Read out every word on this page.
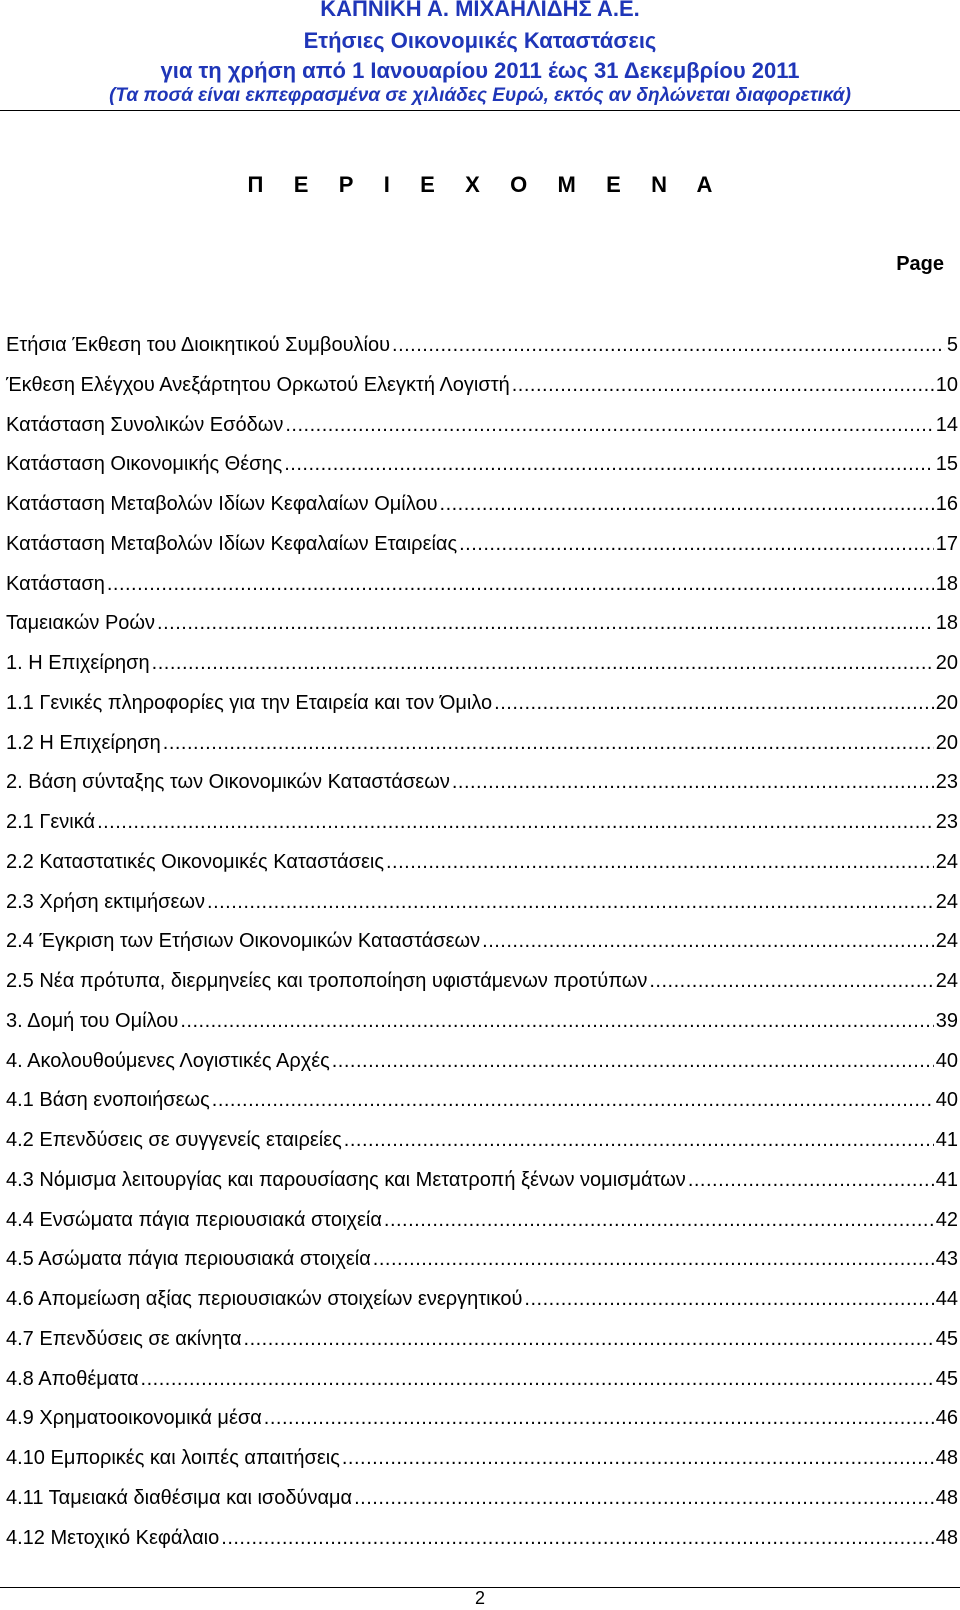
ΚΑΠΝΙΚΗ Α. ΜΙΧΑΗΛΙΔΗΣ Α.Ε.
Ετήσιες Οικονομικές Καταστάσεις
για τη χρήση από 1 Ιανουαρίου 2011 έως 31 Δεκεμβρίου 2011
(Τα ποσά είναι εκπεφρασμένα σε χιλιάδες Ευρώ, εκτός αν δηλώνεται διαφορετικά)
Π Ε Ρ Ι Ε Χ Ο Μ Ε Ν Α
Page
Ετήσια Έκθεση του Διοικητικού Συμβουλίου .....	5
Έκθεση Ελέγχου Ανεξάρτητου Ορκωτού Ελεγκτή Λογιστή .....	10
Κατάσταση Συνολικών Εσόδων .....	14
Κατάσταση Οικονομικής Θέσης .....	15
Κατάσταση Μεταβολών Ιδίων Κεφαλαίων Ομίλου .....	16
Κατάσταση Μεταβολών Ιδίων Κεφαλαίων Εταιρείας .....	17
Κατάσταση .....	18
Ταμειακών Ροών .....	18
1. Η Επιχείρηση .....	20
1.1 Γενικές πληροφορίες για την Εταιρεία και τον Όμιλο .....	20
1.2 Η Επιχείρηση .....	20
2. Βάση σύνταξης των Οικονομικών Καταστάσεων .....	23
2.1 Γενικά .....	23
2.2 Καταστατικές Οικονομικές Καταστάσεις .....	24
2.3 Χρήση εκτιμήσεων .....	24
2.4 Έγκριση των Ετήσιων Οικονομικών Καταστάσεων .....	24
2.5 Νέα πρότυπα, διερμηνείες και τροποποίηση υφιστάμενων προτύπων .....	24
3. Δομή του Ομίλου .....	39
4. Ακολουθούμενες Λογιστικές Αρχές .....	40
4.1 Βάση ενοποιήσεως .....	40
4.2 Επενδύσεις σε συγγενείς εταιρείες .....	41
4.3 Νόμισμα λειτουργίας και παρουσίασης και Μετατροπή ξένων νομισμάτων .....	41
4.4 Ενσώματα πάγια περιουσιακά στοιχεία .....	42
4.5 Ασώματα πάγια περιουσιακά στοιχεία .....	43
4.6 Απομείωση αξίας περιουσιακών στοιχείων ενεργητικού .....	44
4.7 Επενδύσεις σε ακίνητα .....	45
4.8 Αποθέματα .....	45
4.9 Χρηματοοικονομικά μέσα .....	46
4.10 Εμπορικές και λοιπές απαιτήσεις .....	48
4.11 Ταμειακά διαθέσιμα και ισοδύναμα .....	48
4.12 Μετοχικό Κεφάλαιο .....	48
2
